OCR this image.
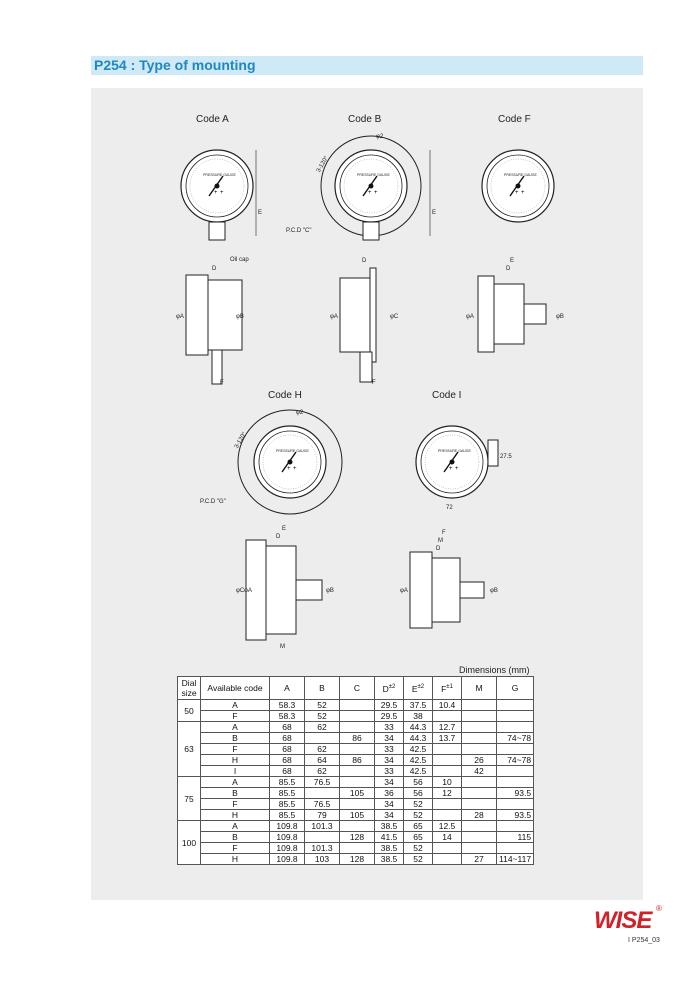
P254 : Type of mounting
+
Code A
PRESSURE GAUGE
E
Code B
PRESSURE GAUGE
3-120°
φ2
P.C.D "C"
E
Code F
PRESSURE GAUGE
Oil cap
D
φA	φB
F
D
φA	φC
F
E
D
φA	φB
Code H
PRESSURE GAUGE
3-120°
φ2
P.C.D "G"
Code I
PRESSURE GAUGE
27.5
72
E
D
φC φA	φB
M
F
M
D
φA	φB
Dimensions (mm)
Dial size	Available code	A	B	C	$D^{\pm 2}$	$E^{\pm 2}$	$F^{\pm 1}$	M	G
50	A	58.3	52		29.5	37.5	10.4		
	F	58.3	52		29.5	38			
63	A	68	62		33	44.3	12.7		
	B	68		86	34	44.3	13.7		74~78
	F	68	62		33	42.5			
	H	68	64	86	34	42.5		26	74~78
	I	68	62		33	42.5		42	
75	A	85.5	76.5		34	56	10		
	B	85.5		105	36	56	12		93.5
	F	85.5	76.5		34	52			
	H	85.5	79	105	34	52		28	93.5
100	A	109.8	101.3		38.5	65	12.5		
	B	109.8		128	41.5	65	14		115
	F	109.8	101.3		38.5	52			
	H	109.8	103	128	38.5	52		27	114~117
WISE ®
I P254_03
